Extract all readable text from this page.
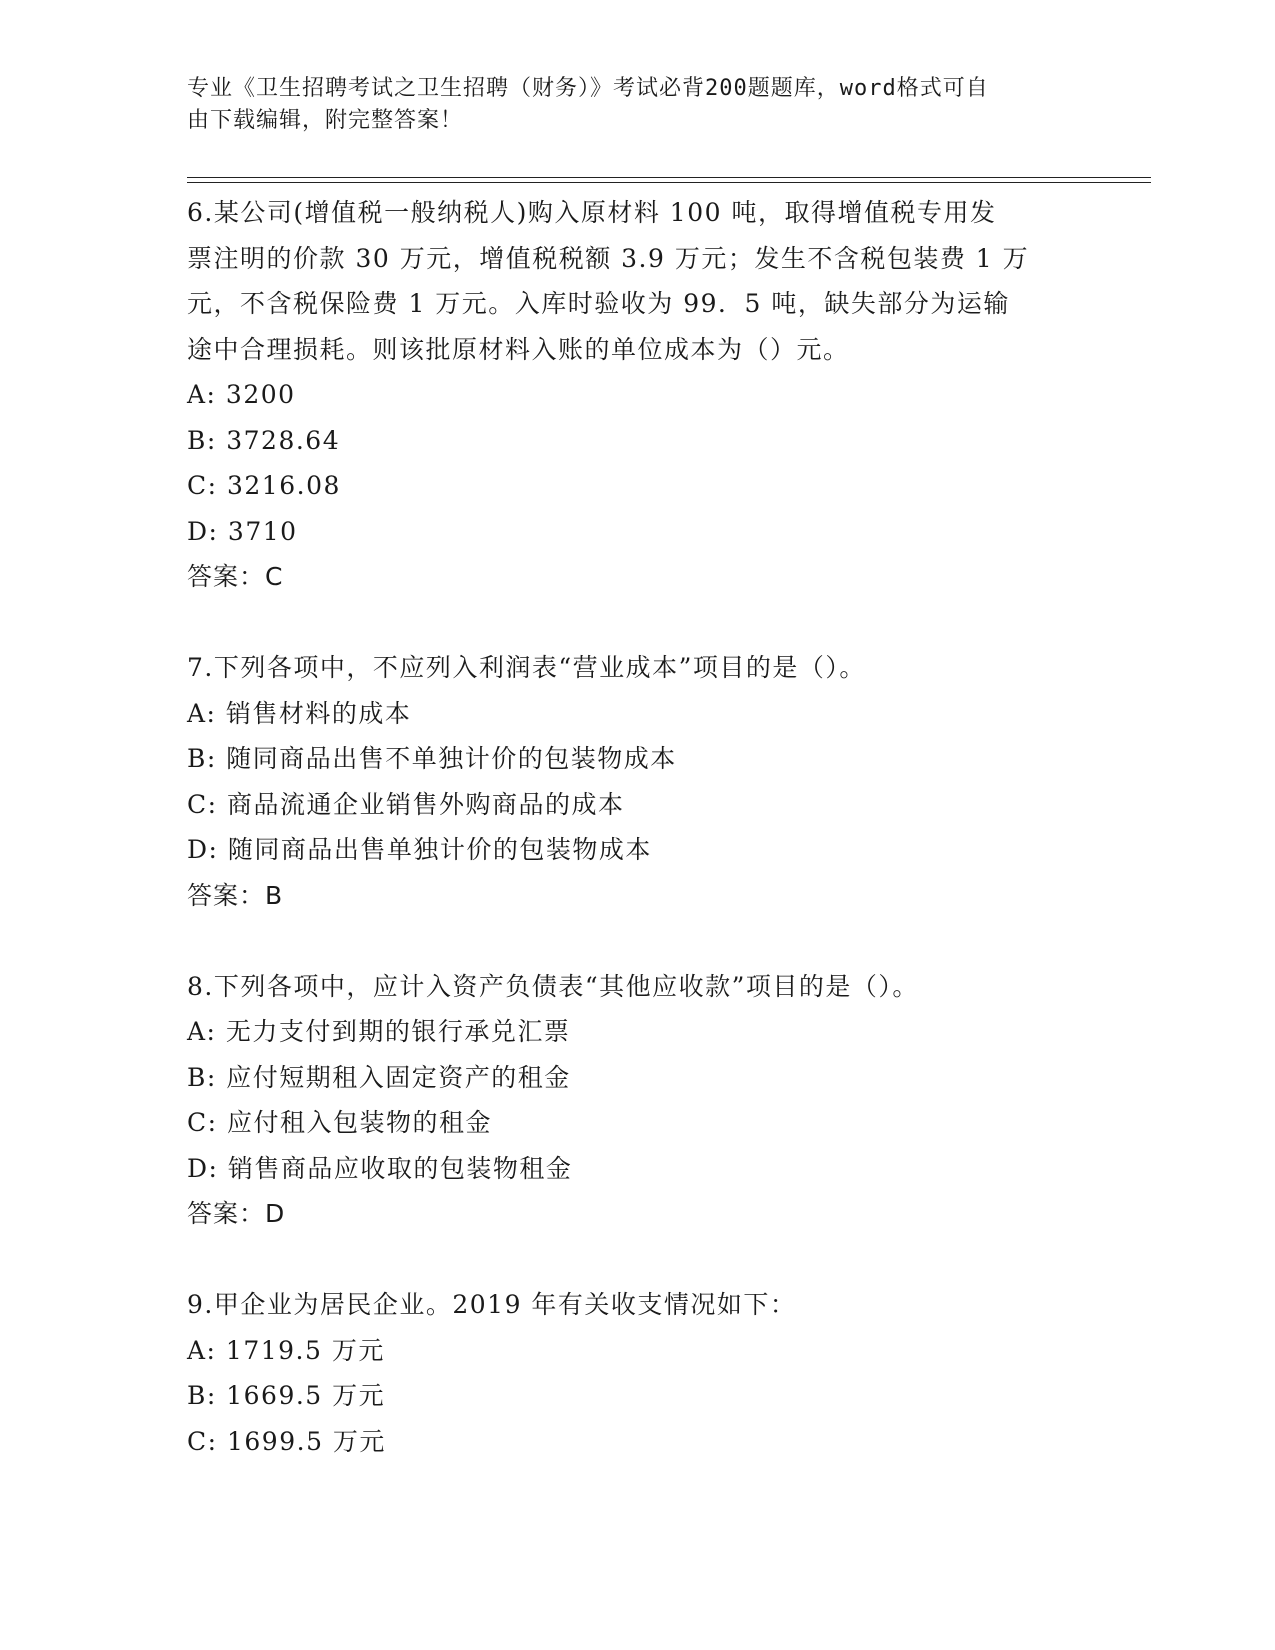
专业《卫生招聘考试之卫生招聘（财务）》考试必背200题题库，word格式可自
由下载编辑，附完整答案！
6.某公司(增值税一般纳税人)购入原材料 100 吨，取得增值税专用发
票注明的价款 30 万元，增值税税额 3.9 万元；发生不含税包装费 1 万
元，不含税保险费 1 万元。入库时验收为 99．5 吨，缺失部分为运输
途中合理损耗。则该批原材料入账的单位成本为（）元。
A: 3200
B: 3728.64
C: 3216.08
D: 3710
答案：C
7.下列各项中，不应列入利润表“营业成本”项目的是（）。
A: 销售材料的成本
B: 随同商品出售不单独计价的包装物成本
C: 商品流通企业销售外购商品的成本
D: 随同商品出售单独计价的包装物成本
答案：B
8.下列各项中，应计入资产负债表“其他应收款”项目的是（）。
A: 无力支付到期的银行承兑汇票
B: 应付短期租入固定资产的租金
C: 应付租入包装物的租金
D: 销售商品应收取的包装物租金
答案：D
9.甲企业为居民企业。2019 年有关收支情况如下：
A: 1719.5 万元
B: 1669.5 万元
C: 1699.5 万元
